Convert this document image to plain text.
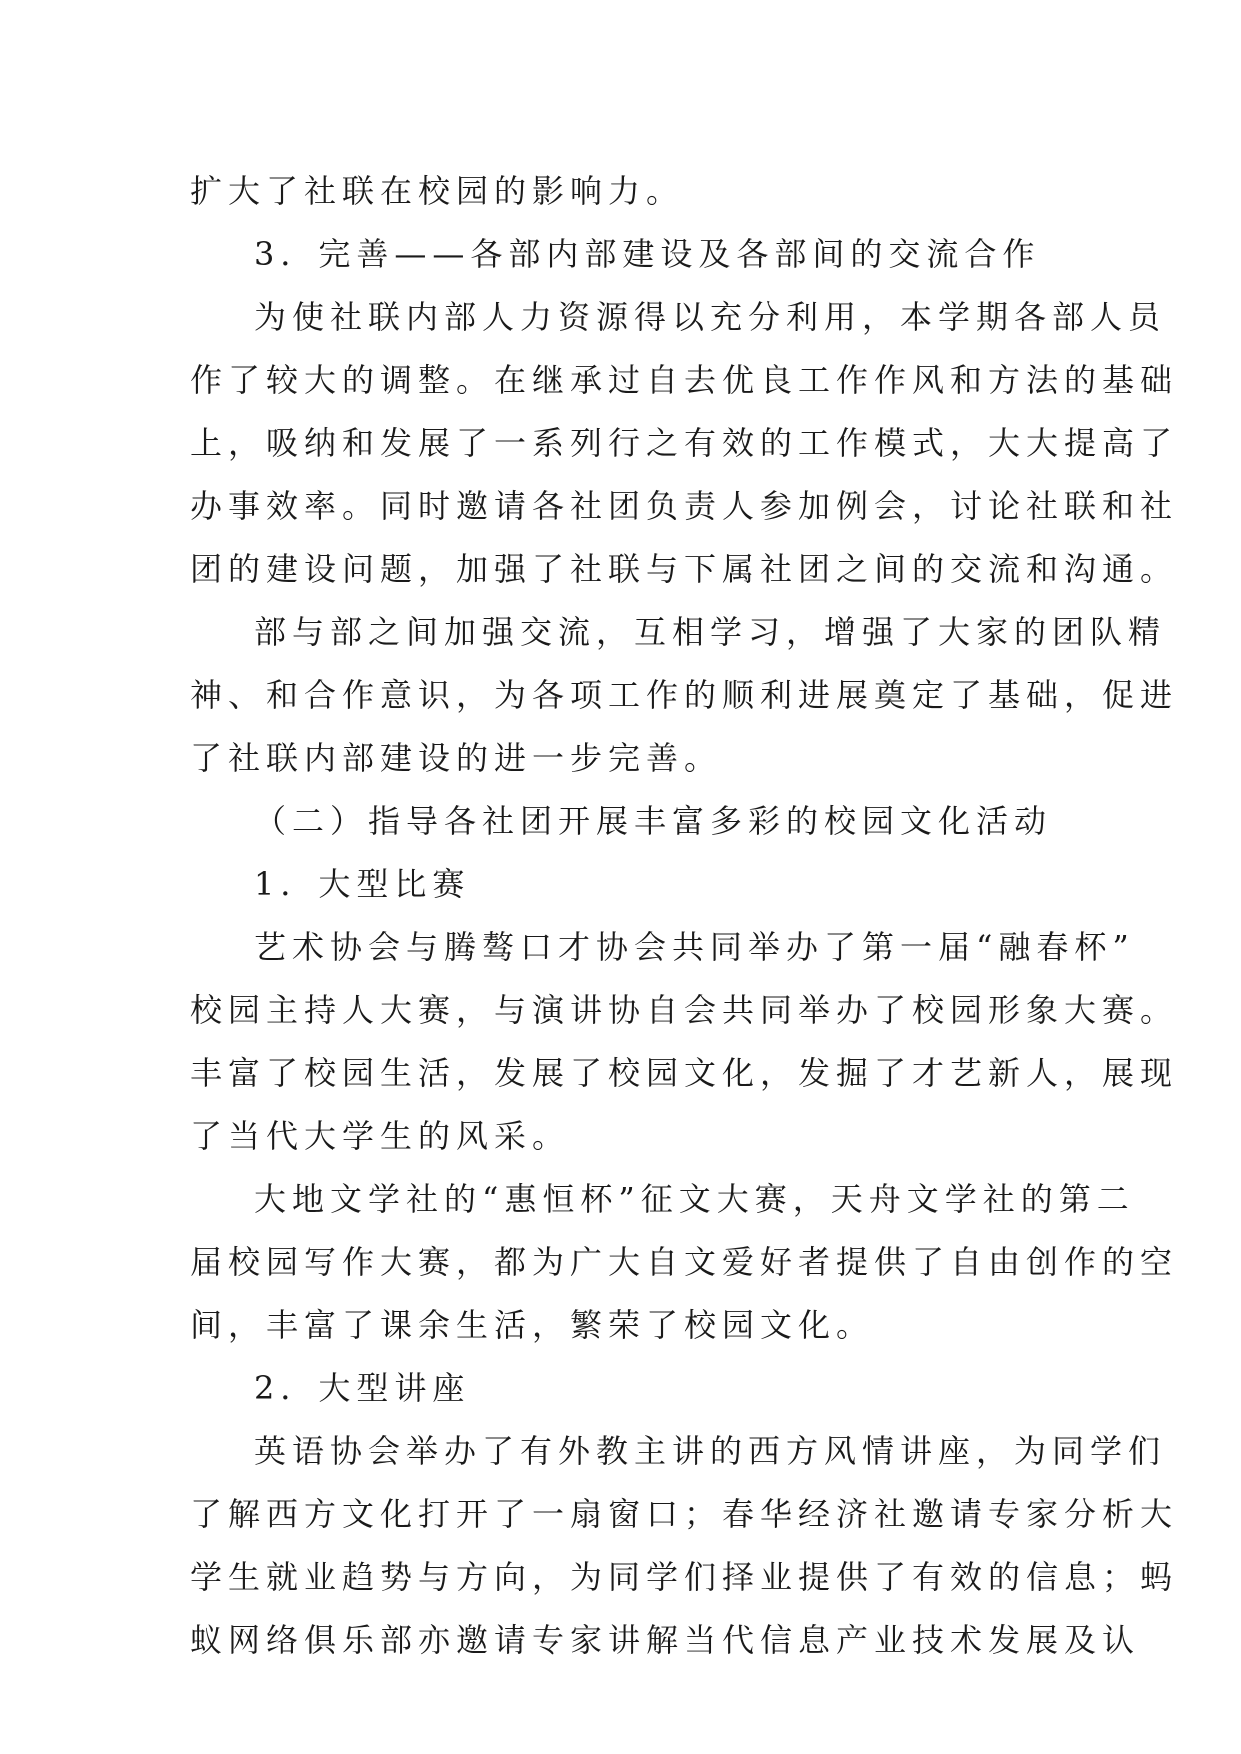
扩大了社联在校园的影响力。
3．完善——各部内部建设及各部间的交流合作
为使社联内部人力资源得以充分利用，本学期各部人员
作了较大的调整。在继承过自去优良工作作风和方法的基础
上，吸纳和发展了一系列行之有效的工作模式，大大提高了
办事效率。同时邀请各社团负责人参加例会，讨论社联和社
团的建设问题，加强了社联与下属社团之间的交流和沟通。
部与部之间加强交流，互相学习，增强了大家的团队精
神、和合作意识，为各项工作的顺利进展奠定了基础，促进
了社联内部建设的进一步完善。
（二）指导各社团开展丰富多彩的校园文化活动
1．大型比赛
艺术协会与腾骜口才协会共同举办了第一届“融春杯”
校园主持人大赛，与演讲协自会共同举办了校园形象大赛。
丰富了校园生活，发展了校园文化，发掘了才艺新人，展现
了当代大学生的风采。
大地文学社的“惠恒杯”征文大赛，天舟文学社的第二
届校园写作大赛，都为广大自文爱好者提供了自由创作的空
间，丰富了课余生活，繁荣了校园文化。
2．大型讲座
英语协会举办了有外教主讲的西方风情讲座，为同学们
了解西方文化打开了一扇窗口；春华经济社邀请专家分析大
学生就业趋势与方向，为同学们择业提供了有效的信息；蚂
蚁网络俱乐部亦邀请专家讲解当代信息产业技术发展及认
